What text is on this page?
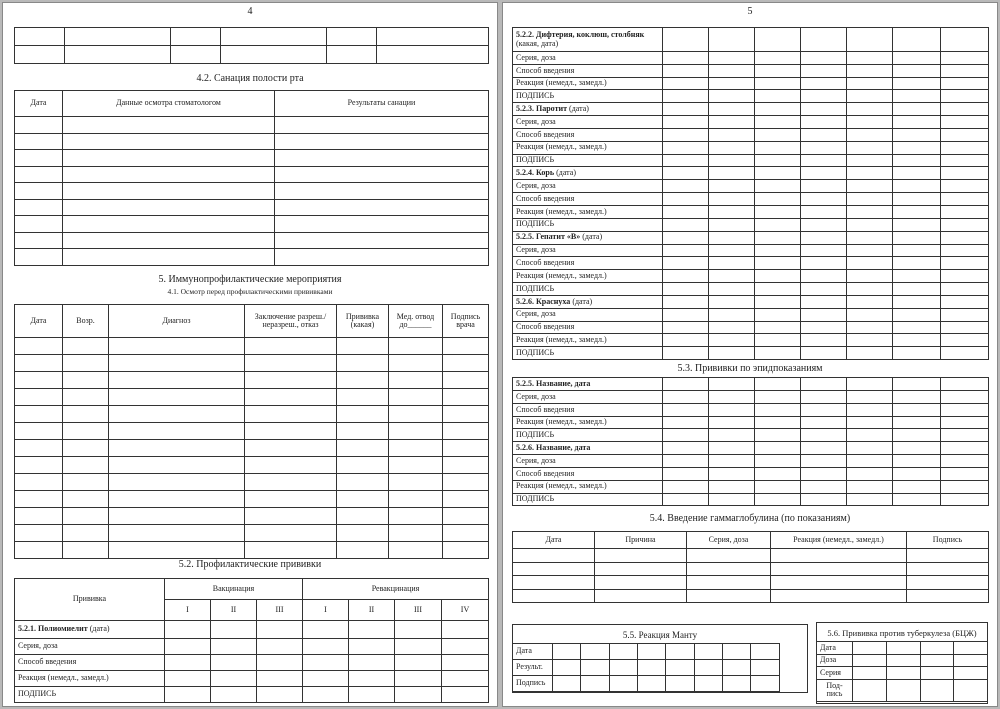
4

4.2. Санация полости рта
Дата	Данные осмотра стоматологом	Результаты санации

5. Иммунопрофилактические мероприятия
4.1. Осмотр перед профилактическими прививками
Дата	Возр.	Диагноз	Заключение разреш./ неразреш., отказ	Прививка (какая)	Мед. отвод до______	Подпись врача

5.2. Профилактические прививки
Прививка	Вакцинация			Ревакцинация			
	I	II	III	I	II	III	IV
5.2.1. Полиомиелит (дата)							
Серия, доза							
Способ введения							
Реакция (немедл., замедл.)							
ПОДПИСЬ							
5
5.2.2. Дифтерия, коклюш, столбняк (какая, дата)							
Серия, доза							
Способ введения							
Реакция (немедл., замедл.)							
ПОДПИСЬ							
5.2.3. Паротит (дата)							
Серия, доза							
Способ введения							
Реакция (немедл., замедл.)							
ПОДПИСЬ							
5.2.4. Корь (дата)							
Серия, доза							
Способ введения							
Реакция (немедл., замедл.)							
ПОДПИСЬ							
5.2.5. Гепатит «В» (дата)							
Серия, доза							
Способ введения							
Реакция (немедл., замедл.)							
ПОДПИСЬ							
5.2.6. Краснуха (дата)							
Серия, доза							
Способ введения							
Реакция (немедл., замедл.)							
ПОДПИСЬ							
5.3. Прививки по эпидпоказаниям
5.2.5. Название, дата							
Серия, доза							
Способ введения							
Реакция (немедл., замедл.)							
ПОДПИСЬ							
5.2.6. Название, дата							
Серия, доза							
Способ введения							
Реакция (немедл., замедл.)							
ПОДПИСЬ							
5.4. Введение гаммаглобулина (по показаниям)
Дата	Причина	Серия, доза	Реакция (немедл., замедл.)	Подпись

5.5. Реакция Манту
Дата								
Результ.								
Подпись								
5.6. Прививка против туберкулеза (БЦЖ)
Дата				
Доза				
Серия				
Под-
пись				
